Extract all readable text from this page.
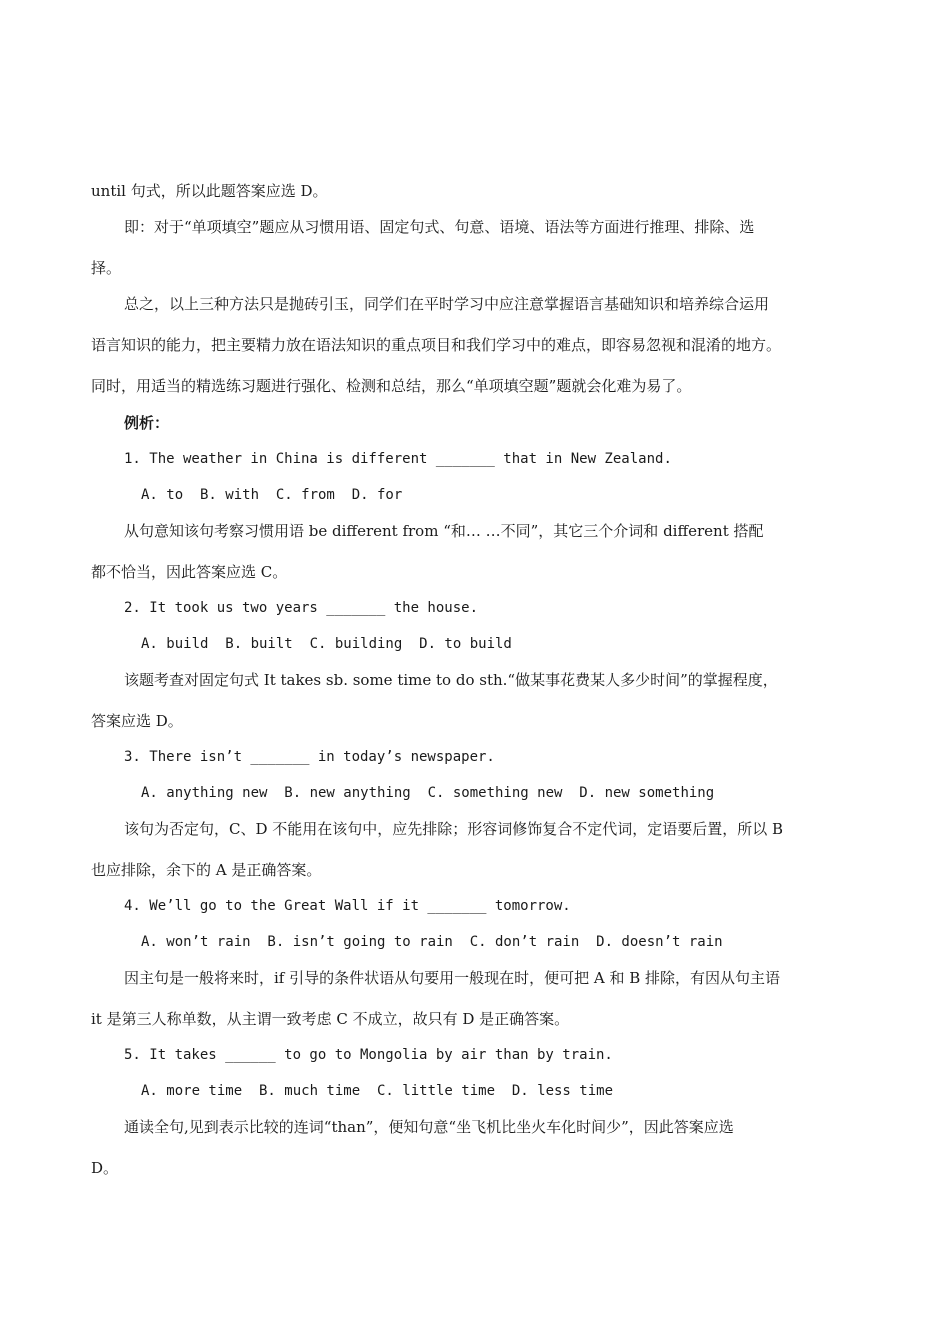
until 句式，所以此题答案应选 D。
即：对于“单项填空”题应从习惯用语、固定句式、句意、语境、语法等方面进行推理、排除、选
择。
总之，以上三种方法只是抛砖引玉，同学们在平时学习中应注意掌握语言基础知识和培养综合运用
语言知识的能力，把主要精力放在语法知识的重点项目和我们学习中的难点，即容易忽视和混淆的地方。
同时，用适当的精选练习题进行强化、检测和总结，那么“单项填空题”题就会化难为易了。
例析：
1. The weather in China is different _______ that in New Zealand.
A. to  B. with  C. from  D. for
从句意知该句考察习惯用语 be different from “和… …不同”，其它三个介词和 different 搭配
都不恰当，因此答案应选 C。
2. It took us two years _______ the house.
A. build  B. built  C. building  D. to build
该题考查对固定句式 It takes sb. some time to do sth.“做某事花费某人多少时间”的掌握程度，
答案应选 D。
3. There isn’t _______ in today’s newspaper.
A. anything new  B. new anything  C. something new  D. new something
该句为否定句，C、D 不能用在该句中，应先排除；形容词修饰复合不定代词，定语要后置，所以 B
也应排除，余下的 A 是正确答案。
4. We’ll go to the Great Wall if it _______ tomorrow.
A. won’t rain  B. isn’t going to rain  C. don’t rain  D. doesn’t rain
因主句是一般将来时，if 引导的条件状语从句要用一般现在时，便可把 A 和 B 排除，有因从句主语
it 是第三人称单数，从主谓一致考虑 C 不成立，故只有 D 是正确答案。
5. It takes ______ to go to Mongolia by air than by train.
A. more time  B. much time  C. little time  D. less time
通读全句,见到表示比较的连词“than”，便知句意“坐飞机比坐火车化时间少”，因此答案应选
D。
